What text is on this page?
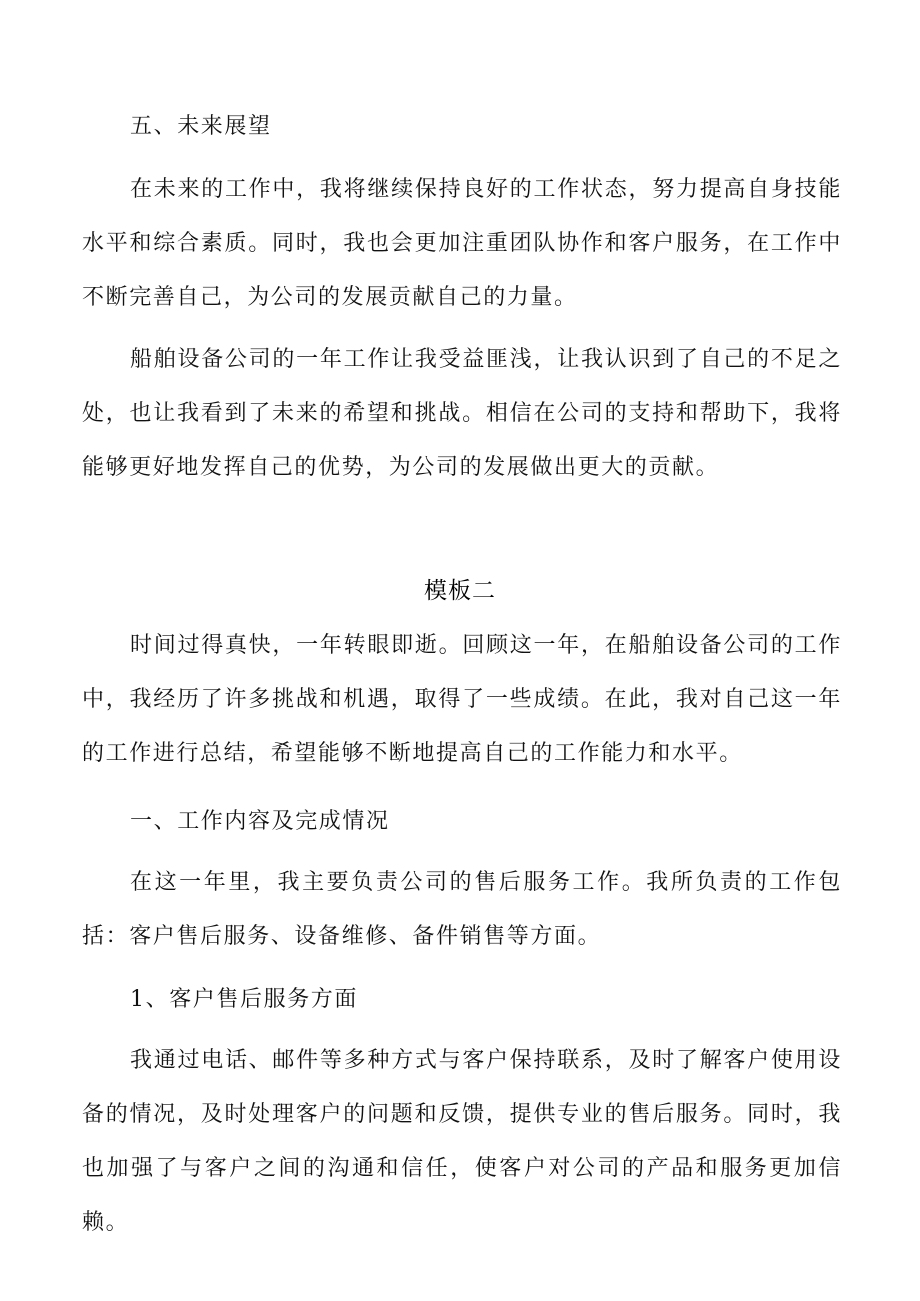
五、未来展望

在未来的工作中，我将继续保持良好的工作状态，努力提高自身技能水平和综合素质。同时，我也会更加注重团队协作和客户服务，在工作中不断完善自己，为公司的发展贡献自己的力量。

船舶设备公司的一年工作让我受益匪浅，让我认识到了自己的不足之处，也让我看到了未来的希望和挑战。相信在公司的支持和帮助下，我将能够更好地发挥自己的优势，为公司的发展做出更大的贡献。

模板二

时间过得真快，一年转眼即逝。回顾这一年，在船舶设备公司的工作中，我经历了许多挑战和机遇，取得了一些成绩。在此，我对自己这一年的工作进行总结，希望能够不断地提高自己的工作能力和水平。

一、工作内容及完成情况

在这一年里，我主要负责公司的售后服务工作。我所负责的工作包括：客户售后服务、设备维修、备件销售等方面。

1、客户售后服务方面

我通过电话、邮件等多种方式与客户保持联系，及时了解客户使用设备的情况，及时处理客户的问题和反馈，提供专业的售后服务。同时，我也加强了与客户之间的沟通和信任，使客户对公司的产品和服务更加信赖。
